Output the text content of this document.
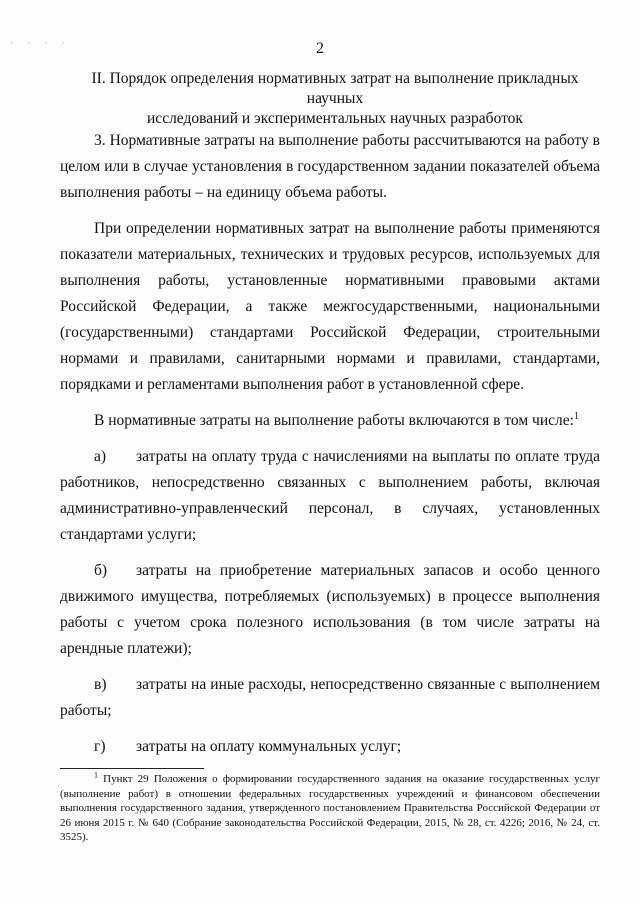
· · · ·	2
II. Порядок определения нормативных затрат на выполнение прикладных научных
исследований и экспериментальных научных разработок

3. Нормативные затраты на выполнение работы рассчитываются на работу в целом или в случае установления в государственном задании показателей объема выполнения работы – на единицу объема работы.

При определении нормативных затрат на выполнение работы применяются показатели материальных, технических и трудовых ресурсов, используемых для выполнения работы, установленные нормативными правовыми актами Российской Федерации, а также межгосударственными, национальными (государственными) стандартами Российской Федерации, строительными нормами и правилами, санитарными нормами и правилами, стандартами, порядками и регламентами выполнения работ в установленной сфере.

В нормативные затраты на выполнение работы включаются в том числе:$^1$

а) затраты на оплату труда с начислениями на выплаты по оплате труда работников, непосредственно связанных с выполнением работы, включая административно-управленческий персонал, в случаях, установленных стандартами услуги;

б) затраты на приобретение материальных запасов и особо ценного движимого имущества, потребляемых (используемых) в процессе выполнения работы с учетом срока полезного использования (в том числе затраты на арендные платежи);

в) затраты на иные расходы, непосредственно связанные с выполнением работы;

г) затраты на оплату коммунальных услуг;

$^1$ Пункт 29 Положения о формировании государственного задания на оказание государственных услуг (выполнение работ) в отношении федеральных государственных учреждений и финансовом обеспечении выполнения государственного задания, утвержденного постановлением Правительства Российской Федерации от 26 июня 2015 г. № 640 (Собрание законодательства Российской Федерации, 2015, № 28, ст. 4226; 2016, № 24, ст. 3525).
